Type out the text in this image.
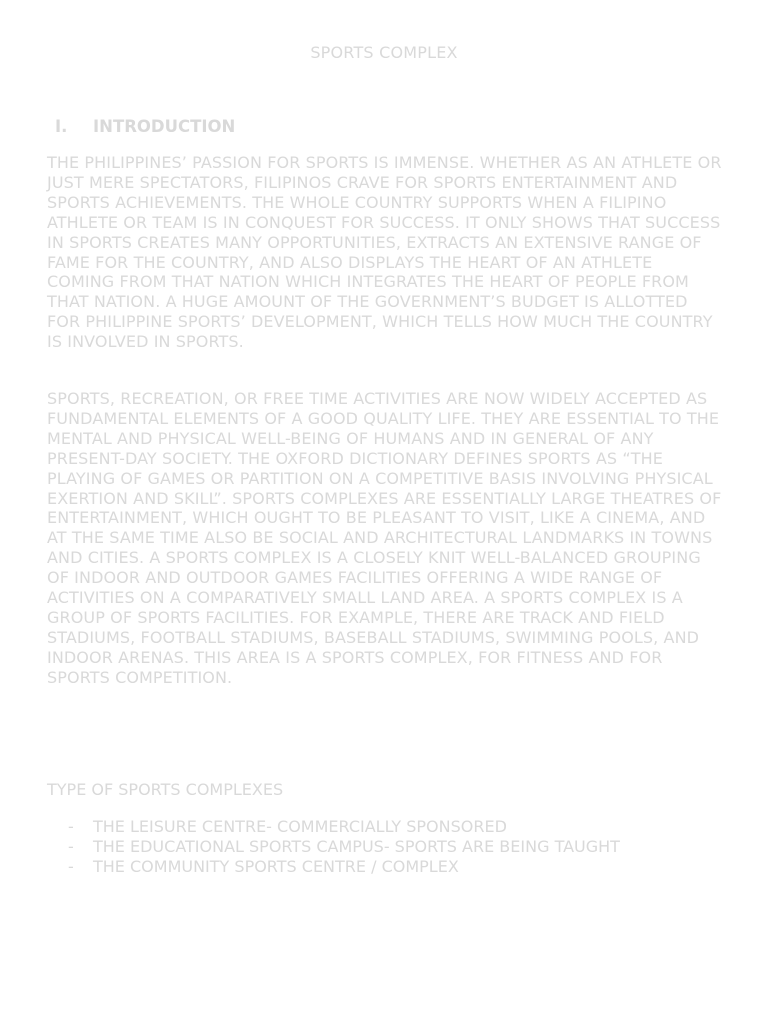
SPORTS COMPLEX
I.	INTRODUCTION

THE PHILIPPINES’ PASSION FOR SPORTS IS IMMENSE. WHETHER AS AN ATHLETE OR JUST MERE SPECTATORS, FILIPINOS CRAVE FOR SPORTS ENTERTAINMENT AND SPORTS ACHIEVEMENTS. THE WHOLE COUNTRY SUPPORTS WHEN A FILIPINO ATHLETE OR TEAM IS IN CONQUEST FOR SUCCESS. IT ONLY SHOWS THAT SUCCESS IN SPORTS CREATES MANY OPPORTUNITIES, EXTRACTS AN EXTENSIVE RANGE OF FAME FOR THE COUNTRY, AND ALSO DISPLAYS THE HEART OF AN ATHLETE COMING FROM THAT NATION WHICH INTEGRATES THE HEART OF PEOPLE FROM THAT NATION. A HUGE AMOUNT OF THE GOVERNMENT’S BUDGET IS ALLOTTED FOR PHILIPPINE SPORTS’ DEVELOPMENT, WHICH TELLS HOW MUCH THE COUNTRY IS INVOLVED IN SPORTS.

SPORTS, RECREATION, OR FREE TIME ACTIVITIES ARE NOW WIDELY ACCEPTED AS FUNDAMENTAL ELEMENTS OF A GOOD QUALITY LIFE. THEY ARE ESSENTIAL TO THE MENTAL AND PHYSICAL WELL-BEING OF HUMANS AND IN GENERAL OF ANY PRESENT-DAY SOCIETY. THE OXFORD DICTIONARY DEFINES SPORTS AS “THE PLAYING OF GAMES OR PARTITION ON A COMPETITIVE BASIS INVOLVING PHYSICAL EXERTION AND SKILL”. SPORTS COMPLEXES ARE ESSENTIALLY LARGE THEATRES OF ENTERTAINMENT, WHICH OUGHT TO BE PLEASANT TO VISIT, LIKE A CINEMA, AND AT THE SAME TIME ALSO BE SOCIAL AND ARCHITECTURAL LANDMARKS IN TOWNS AND CITIES. A SPORTS COMPLEX IS A CLOSELY KNIT WELL-BALANCED GROUPING OF INDOOR AND OUTDOOR GAMES FACILITIES OFFERING A WIDE RANGE OF ACTIVITIES ON A COMPARATIVELY SMALL LAND AREA. A SPORTS COMPLEX IS A GROUP OF SPORTS FACILITIES. FOR EXAMPLE, THERE ARE TRACK AND FIELD STADIUMS, FOOTBALL STADIUMS, BASEBALL STADIUMS, SWIMMING POOLS, AND INDOOR ARENAS. THIS AREA IS A SPORTS COMPLEX, FOR FITNESS AND FOR SPORTS COMPETITION.

TYPE OF SPORTS COMPLEXES
-	THE LEISURE CENTRE- COMMERCIALLY SPONSORED
-	THE EDUCATIONAL SPORTS CAMPUS- SPORTS ARE BEING TAUGHT
-	THE COMMUNITY SPORTS CENTRE / COMPLEX
